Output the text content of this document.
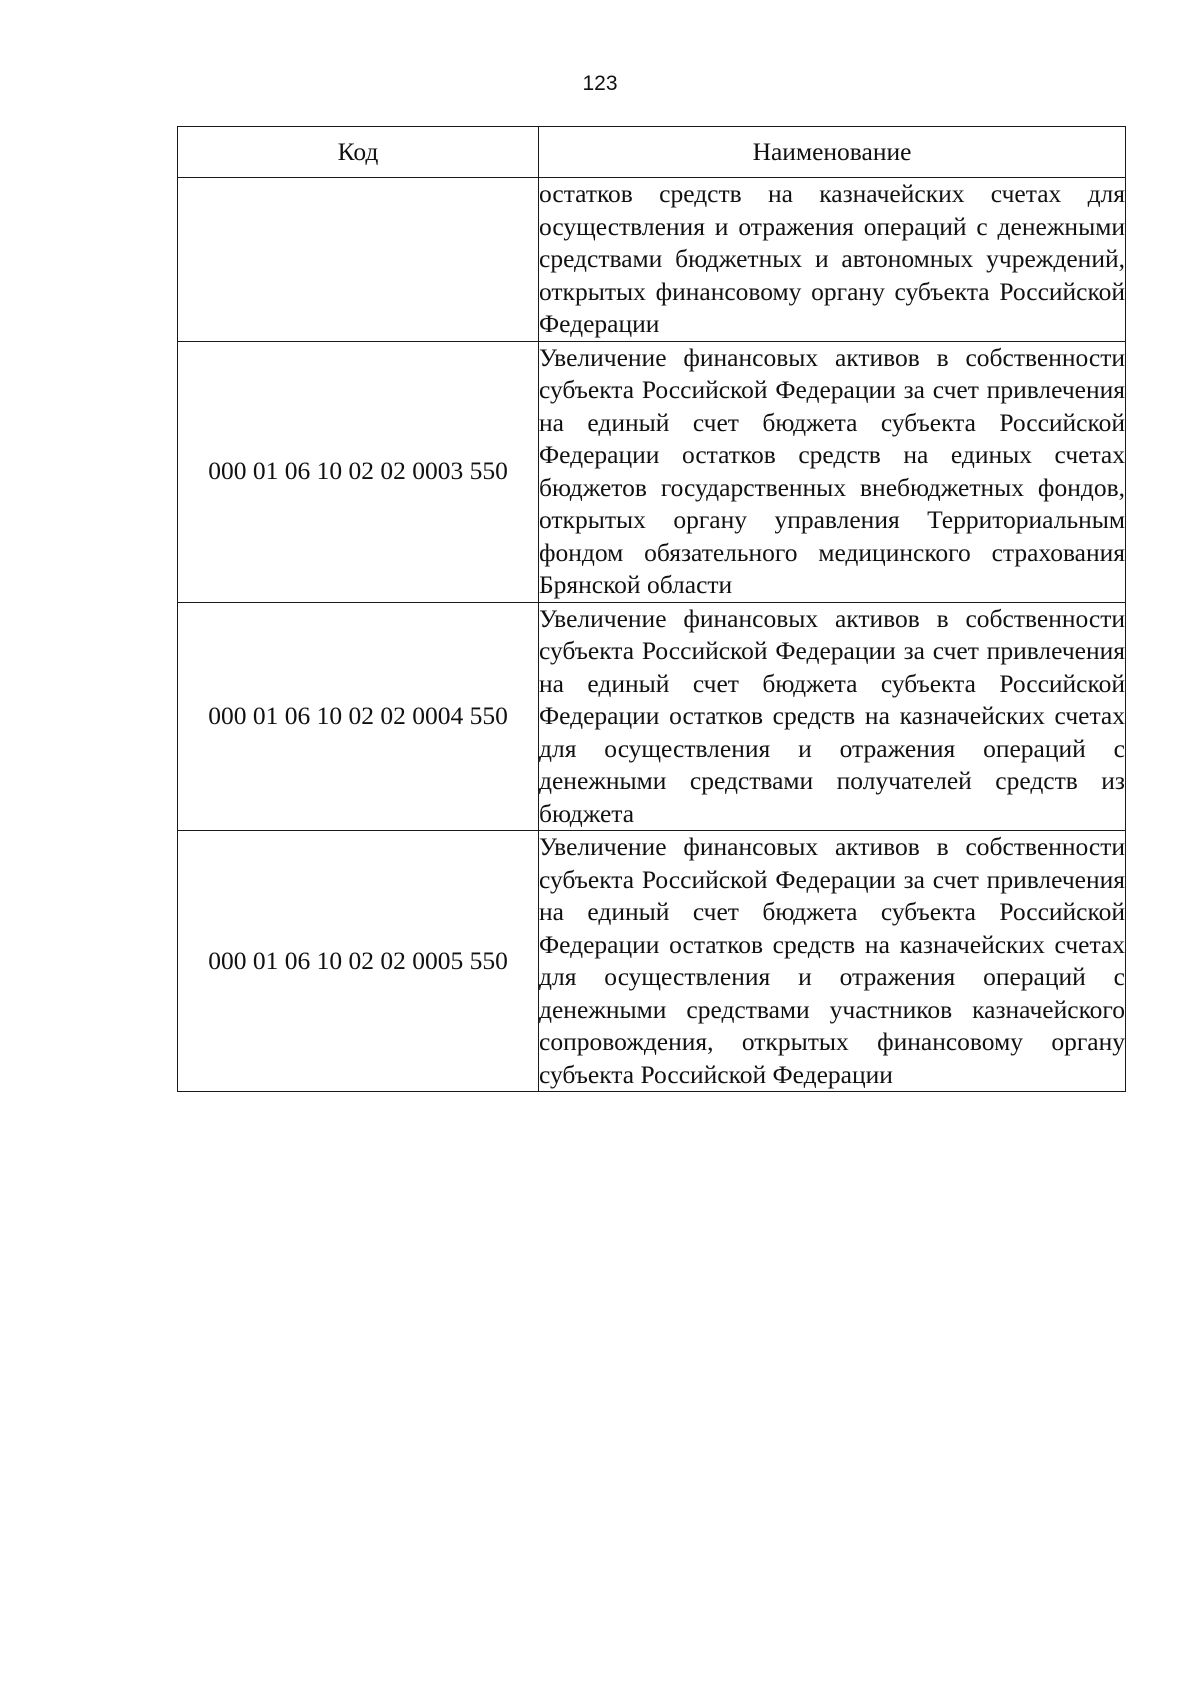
123
Код	Наименование
	остатков средств на казначейских счетах для осуществления и отражения операций с денежными средствами бюджетных и автономных учреждений, открытых финансовому органу субъекта Российской Федерации
000 01 06 10 02 02 0003 550	Увеличение финансовых активов в собственности субъекта Российской Федерации за счет привлечения на единый счет бюджета субъекта Российской Федерации остатков средств на единых счетах бюджетов государственных внебюджетных фондов, открытых органу управления Территориальным фондом обязательного медицинского страхования Брянской области
000 01 06 10 02 02 0004 550	Увеличение финансовых активов в собственности субъекта Российской Федерации за счет привлечения на единый счет бюджета субъекта Российской Федерации остатков средств на казначейских счетах для осуществления и отражения операций с денежными средствами получателей средств из бюджета
000 01 06 10 02 02 0005 550	Увеличение финансовых активов в собственности субъекта Российской Федерации за счет привлечения на единый счет бюджета субъекта Российской Федерации остатков средств на казначейских счетах для осуществления и отражения операций с денежными средствами участников казначейского сопровождения, открытых финансовому органу субъекта Российской Федерации
